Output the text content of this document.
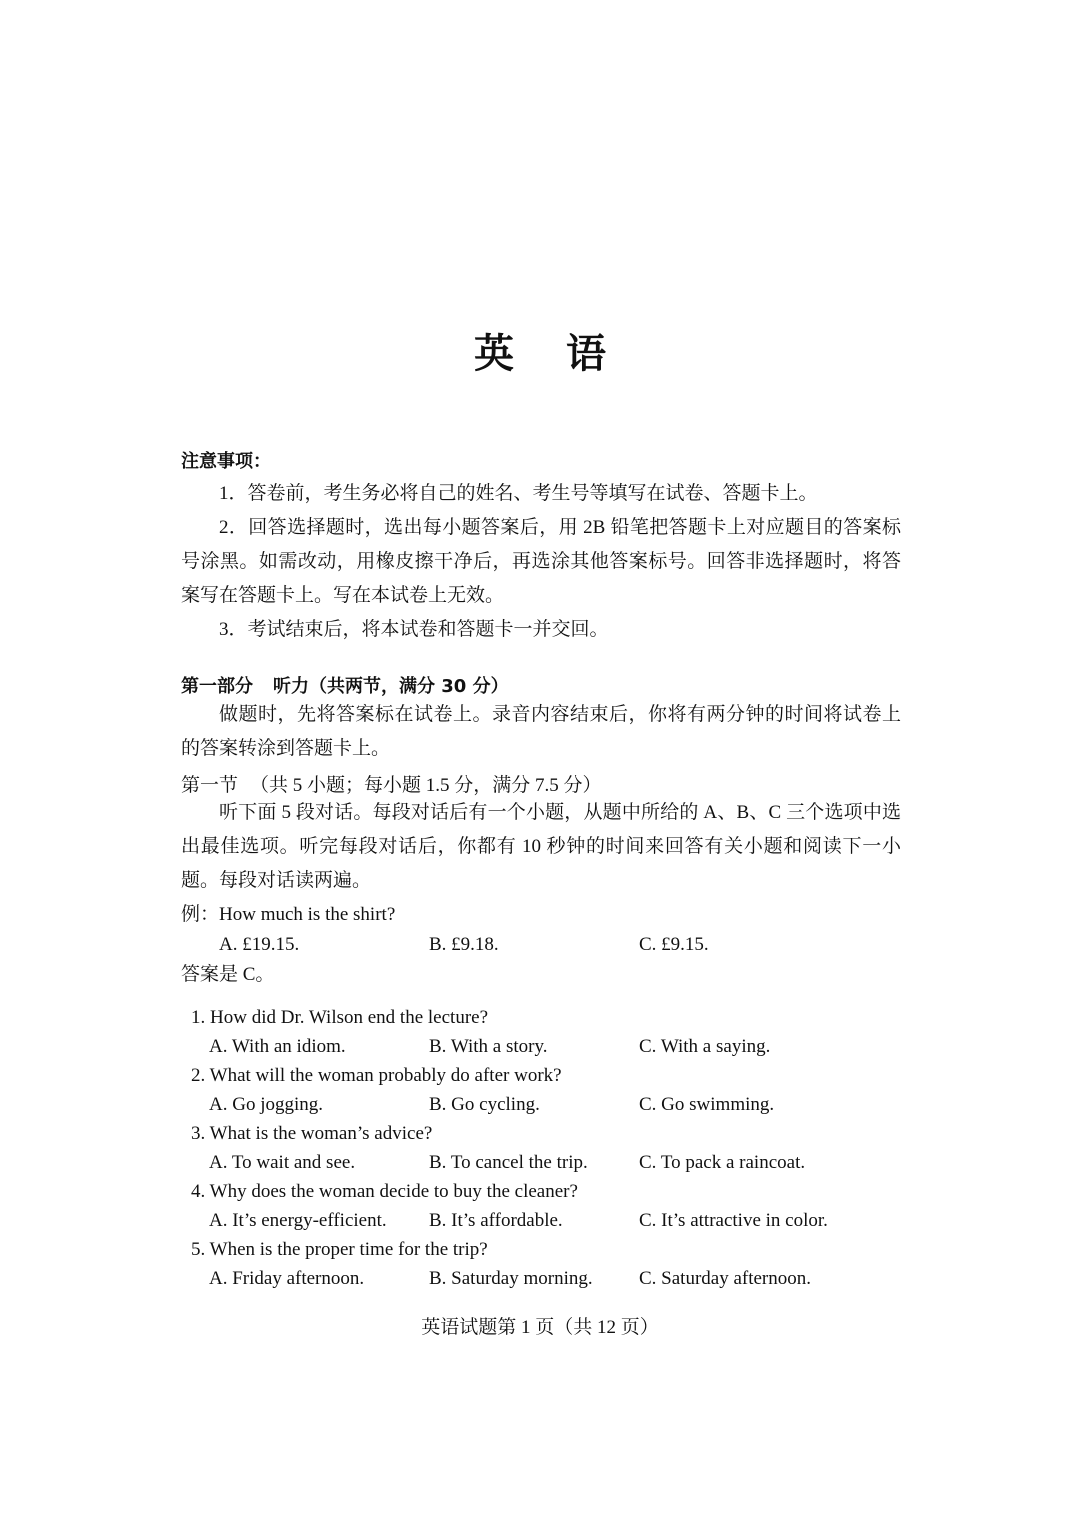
英 语
注意事项：

1．答卷前，考生务必将自己的姓名、考生号等填写在试卷、答题卡上。

2．回答选择题时，选出每小题答案后，用 2B 铅笔把答题卡上对应题目的答案标号涂黑。如需改动，用橡皮擦干净后，再选涂其他答案标号。回答非选择题时，将答案写在答题卡上。写在本试卷上无效。

3．考试结束后，将本试卷和答题卡一并交回。

第一部分 听力（共两节，满分 30 分）

做题时，先将答案标在试卷上。录音内容结束后，你将有两分钟的时间将试卷上的答案转涂到答题卡上。

第一节 （共 5 小题；每小题 1.5 分，满分 7.5 分）

听下面 5 段对话。每段对话后有一个小题，从题中所给的 A、B、C 三个选项中选出最佳选项。听完每段对话后，你都有 10 秒钟的时间来回答有关小题和阅读下一小题。每段对话读两遍。

例：How much is the shirt?
A. £19.15.	B. £9.18.	C. £9.15.
答案是 C。
1. How did Dr. Wilson end the lecture?
A. With an idiom.	B. With a story.	C. With a saying.
2. What will the woman probably do after work?
A. Go jogging.	B. Go cycling.	C. Go swimming.
3. What is the woman’s advice?
A. To wait and see.	B. To cancel the trip.	C. To pack a raincoat.
4. Why does the woman decide to buy the cleaner?
A. It’s energy-efficient. B. It’s affordable.	C. It’s attractive in color.
5. When is the proper time for the trip?
A. Friday afternoon.	B. Saturday morning. C. Saturday afternoon.
英语试题第 1 页（共 12 页）
